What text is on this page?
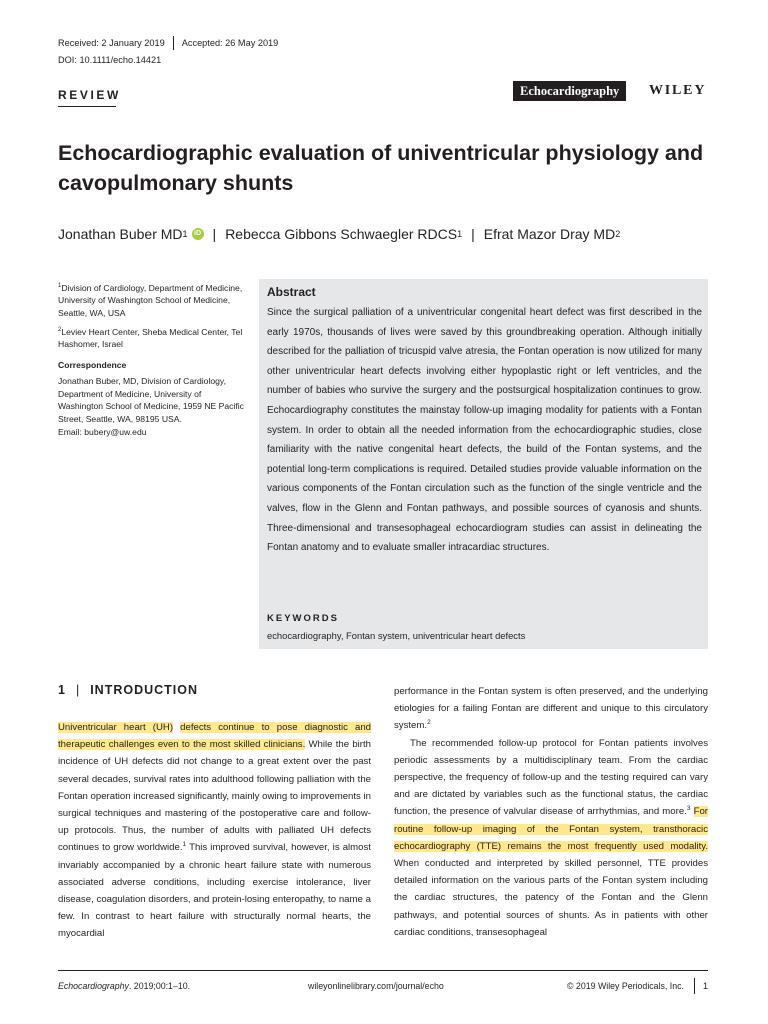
Received: 2 January 2019 Accepted: 26 May 2019
DOI: 10.1111/echo.14421
REVIEW	Echocardiography	WILEY
Echocardiographic evaluation of univentricular physiology and cavopulmonary shunts
Jonathan Buber MD 1 iD | Rebecca Gibbons Schwaegler RDCS 1 | Efrat Mazor Dray MD 2

$^1$Division of Cardiology, Department of Medicine, University of Washington School of Medicine, Seattle, WA, USA

$^2$Leviev Heart Center, Sheba Medical Center, Tel Hashomer, Israel

Correspondence

Jonathan Buber, MD, Division of Cardiology, Department of Medicine, University of Washington School of Medicine, 1959 NE Pacific Street, Seattle, WA, 98195 USA.

Email: bubery@uw.edu

Abstract
Since the surgical palliation of a univentricular congenital heart defect was first described in the early 1970s, thousands of lives were saved by this groundbreaking operation. Although initially described for the palliation of tricuspid valve atresia, the Fontan operation is now utilized for many other univentricular heart defects involving either hypoplastic right or left ventricles, and the number of babies who survive the surgery and the postsurgical hospitalization continues to grow. Echocardiography constitutes the mainstay follow-up imaging modality for patients with a Fontan system. In order to obtain all the needed information from the echocardiographic studies, close familiarity with the native congenital heart defects, the build of the Fontan systems, and the potential long-term complications is required. Detailed studies provide valuable information on the various components of the Fontan circulation such as the function of the single ventricle and the valves, flow in the Glenn and Fontan pathways, and possible sources of cyanosis and shunts. Three-dimensional and transesophageal echocardiogram studies can assist in delineating the Fontan anatomy and to evaluate smaller intracardiac structures.
KEYWORDS
echocardiography, Fontan system, univentricular heart defects
1 | INTRODUCTION

Univentricular heart (UH) defects continue to pose diagnostic and therapeutic challenges even to the most skilled clinicians. While the birth incidence of UH defects did not change to a great extent over the past several decades, survival rates into adulthood following palliation with the Fontan operation increased significantly, mainly owing to improvements in surgical techniques and mastering of the postoperative care and follow-up protocols. Thus, the number of adults with palliated UH defects continues to grow worldwide.$^1$ This improved survival, however, is almost invariably accompanied by a chronic heart failure state with numerous associated adverse conditions, including exercise intolerance, liver disease, coagulation disorders, and protein-losing enteropathy, to name a few. In contrast to heart failure with structurally normal hearts, the myocardial

performance in the Fontan system is often preserved, and the underlying etiologies for a failing Fontan are different and unique to this circulatory system.$^2$

The recommended follow-up protocol for Fontan patients involves periodic assessments by a multidisciplinary team. From the cardiac perspective, the frequency of follow-up and the testing required can vary and are dictated by variables such as the functional status, the cardiac function, the presence of valvular disease of arrhythmias, and more.$^3$ For routine follow-up imaging of the Fontan system, transthoracic echocardiography (TTE) remains the most frequently used modality. When conducted and interpreted by skilled personnel, TTE provides detailed information on the various parts of the Fontan system including the cardiac structures, the patency of the Fontan and the Glenn pathways, and potential sources of shunts. As in patients with other cardiac conditions, transesophageal

Echocardiography. 2019;00:1–10.	wileyonlinelibrary.com/journal/echo	© 2019 Wiley Periodicals, Inc.	1
